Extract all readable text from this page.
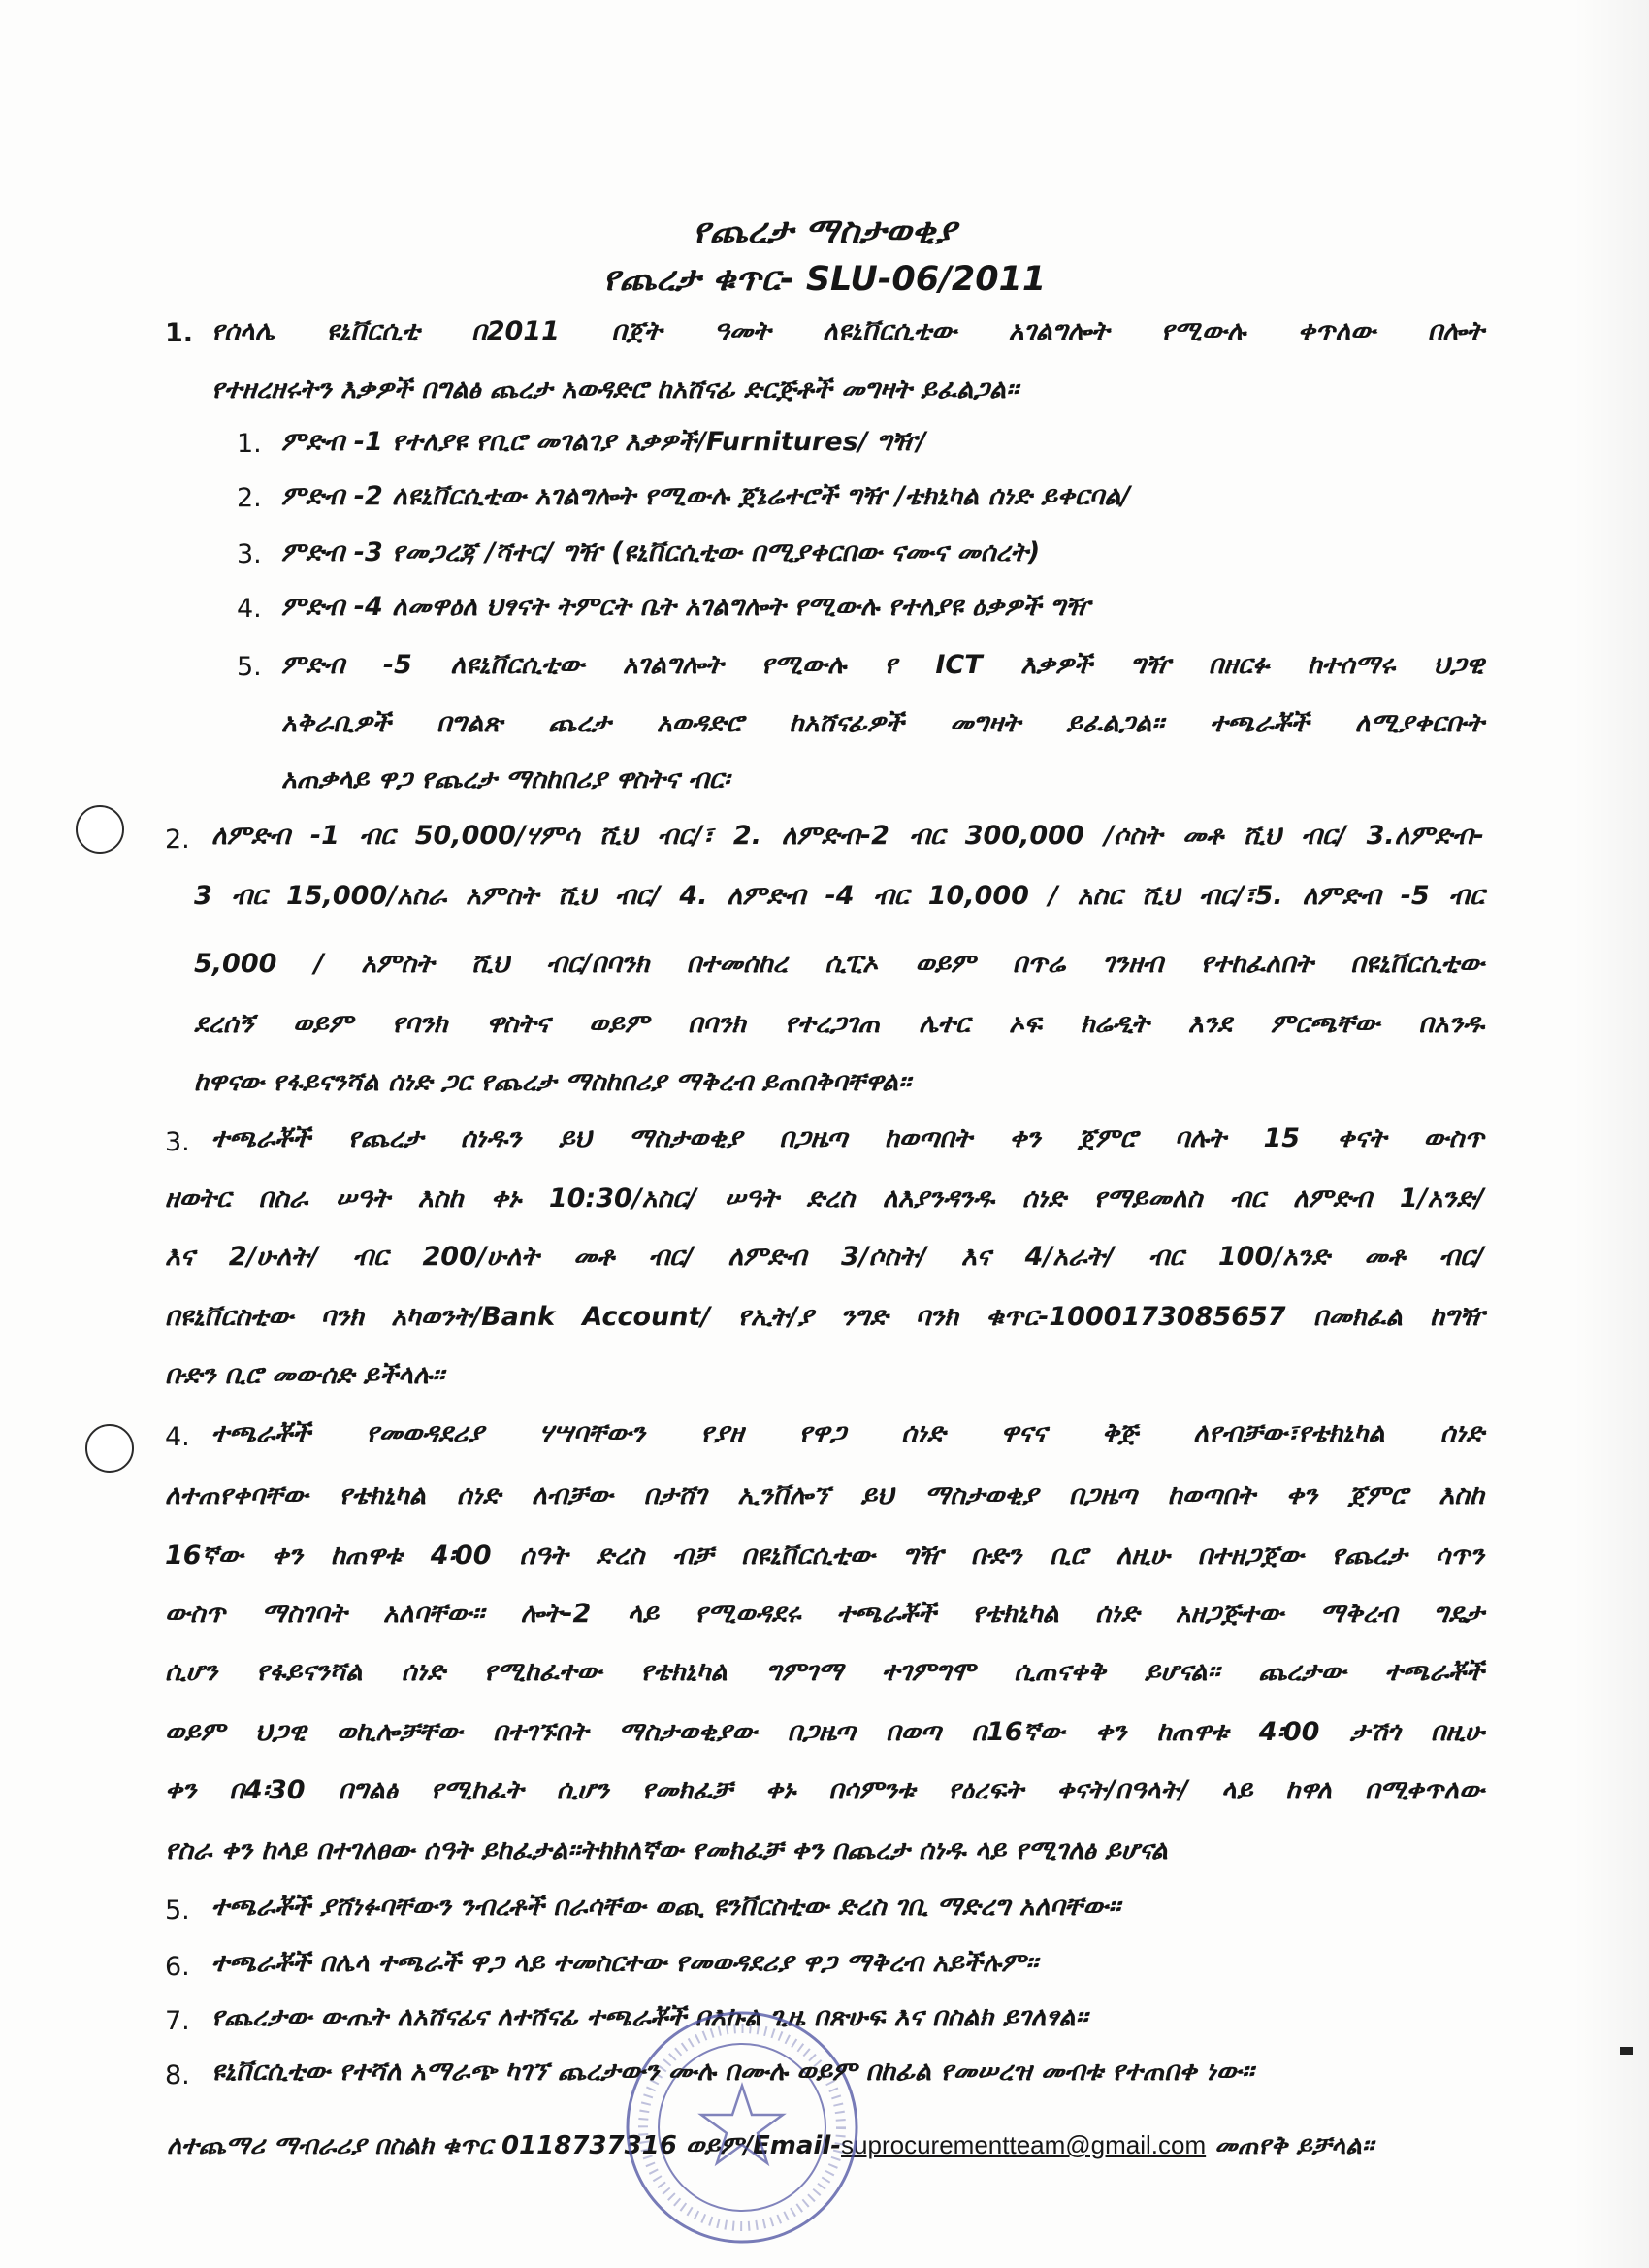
የጨረታ ማስታወቂያ
የጨረታ ቁጥር- SLU-06/2011
1. የሰላሌ ዩኒቨርሲቲ በ2011 በጀት ዓመት ለዩኒቨርሲቲው አገልግሎት የሚውሉ ቀጥለው በሎት
የተዘረዘሩትን እቃዎች በግልፅ ጨረታ አወዳድሮ ከአሸናፊ ድርጅቶች መግዛት ይፈልጋል፡፡
1. ምድብ -1 የተለያዩ የቢሮ መገልገያ እቃዎች/Furnitures/ ግዥ/
2. ምድብ -2 ለዩኒቨርሲቲው አገልግሎት የሚውሉ ጀኔሬተሮች ግዥ /ቴክኒካል ሰነድ ይቀርባል/
3. ምድብ -3 የመጋረጃ /ሻተር/ ግዥ (ዩኒቨርሲቲው በሚያቀርበው ናሙና መሰረት)
4. ምድብ -4 ለመዋዕለ ህፃናት ትምርት ቤት አገልግሎት የሚውሉ የተለያዩ ዕቃዎች ግዥ
5. ምድብ -5 ለዩኒቨርሲቲው አገልግሎት የሚውሉ የ ICT እቃዎች ግዥ በዘርፉ ከተሰማሩ ህጋዊ
አቅራቢዎች በግልጽ ጨረታ አወዳድሮ ከአሸናፊዎች መግዛት ይፈልጋል፡፡ ተጫራቾች ለሚያቀርቡት
አጠቃላይ ዋጋ የጨረታ ማስከበሪያ ዋስትና ብር፡
2. ለምድብ -1 ብር 50,000/ሃምሳ ሺህ ብር/፣ 2. ለምድብ-2 ብር 300,000 /ሶስት መቶ ሺህ ብር/ 3.ለምድብ-
3 ብር 15,000/አስራ አምስት ሺህ ብር/ 4. ለምድብ -4 ብር 10,000 / አስር ሺህ ብር/፣5. ለምድብ -5 ብር
5,000 / አምስት ሺህ ብር/በባንክ በተመሰከረ ሲፒኦ ወይም በጥሬ ገንዘብ የተከፈለበት በዩኒቨርሲቲው
ደረሰኝ ወይም የባንክ ዋስትና ወይም በባንክ የተረጋገጠ ሌተር ኦፍ ክሬዲት እንደ ምርጫቸው በአንዱ
ከዋናው የፋይናንሻል ሰነድ ጋር የጨረታ ማስከበሪያ ማቅረብ ይጠበቅባቸዋል፡፡
3. ተጫራቾች የጨረታ ሰነዱን ይህ ማስታወቂያ በጋዜጣ ከወጣበት ቀን ጀምሮ ባሉት 15 ቀናት ውስጥ
ዘወትር በስራ ሠዓት እስከ ቀኑ 10:30/አስር/ ሠዓት ድረስ ለእያንዳንዱ ሰነድ የማይመለስ ብር ለምድብ 1/አንድ/
እና 2/ሁለት/ ብር 200/ሁለት መቶ ብር/ ለምድብ 3/ሶስት/ እና 4/አራት/ ብር 100/አንድ መቶ ብር/
በዩኒቨርስቲው ባንክ አካወንት/Bank Account/ የኢት/ያ ንግድ ባንክ ቁጥር-1000173085657 በመክፈል ከግዥ
ቡድን ቢሮ መውሰድ ይችላሉ፡፡
4. ተጫራቾች የመወዳደሪያ ሃሣባቸውን የያዘ የዋጋ ሰነድ ዋናና ቅጅ ለየብቻው፣የቴክኒካል ሰነድ
ለተጠየቀባቸው የቴክኒካል ሰነድ ለብቻው በታሸገ ኢንቨሎኘ ይህ ማስታወቂያ በጋዜጣ ከወጣበት ቀን ጀምሮ እስከ
16ኛው ቀን ከጠዋቱ 4፡00 ሰዓት ድረስ ብቻ በዩኒቨርሲቲው ግዥ ቡድን ቢሮ ለዚሁ በተዘጋጀው የጨረታ ሳጥን
ውስጥ ማስገባት አለባቸው፡፡ ሎት-2 ላይ የሚወዳደሩ ተጫራቾች የቴክኒካል ሰነድ አዘጋጅተው ማቅረብ ግዴታ
ሲሆን የፋይናንሻል ሰነድ የሚከፈተው የቴክኒካል ግምገማ ተገምግሞ ሲጠናቀቅ ይሆናል፡፡ ጨረታው ተጫራቾች
ወይም ህጋዊ ወኪሎቻቸው በተገኙበት ማስታወቂያው በጋዜጣ በወጣ በ16ኛው ቀን ከጠዋቱ 4፡00 ታሽጎ በዚሁ
ቀን በ4፡30 በግልፅ የሚከፈት ሲሆን የመክፈቻ ቀኑ በሳምንቱ የዕረፍት ቀናት/በዓላት/ ላይ ከዋለ በሚቀጥለው
የስራ ቀን ከላይ በተገለፀው ሰዓት ይከፈታል፡፡ትክክለኛው የመክፈቻ ቀን በጨረታ ሰነዱ ላይ የሚገለፅ ይሆናል
5. ተጫራቾች ያሸነፉባቸውን ንብረቶች በራሳቸው ወጪ ዩንቨርስቲው ድረስ ገቢ ማድረግ አለባቸው፡፡
6. ተጫራቾች በሌላ ተጫራች ዋጋ ላይ ተመስርተው የመወዳደሪያ ዋጋ ማቅረብ አይችሉም፡፡
7. የጨረታው ውጤት ለአሸናፊና ለተሸናፊ ተጫራቾች በእኩል ጊዜ በጽሁፍ እና በስልክ ይገለፃል፡፡
ለተጨማሪ ማብራሪያ በስልክ ቁጥር 0118737316 ወይም/Email-suprocurementteam@gmail.com መጠየቅ ይቻላል፡፡
8. ዩኒቨርሲቲው የተሻለ አማራጭ ካገኘ ጨረታውን ሙሉ በሙሉ ወይም በከፊል የመሠረዝ መብቱ የተጠበቀ ነው፡፡
